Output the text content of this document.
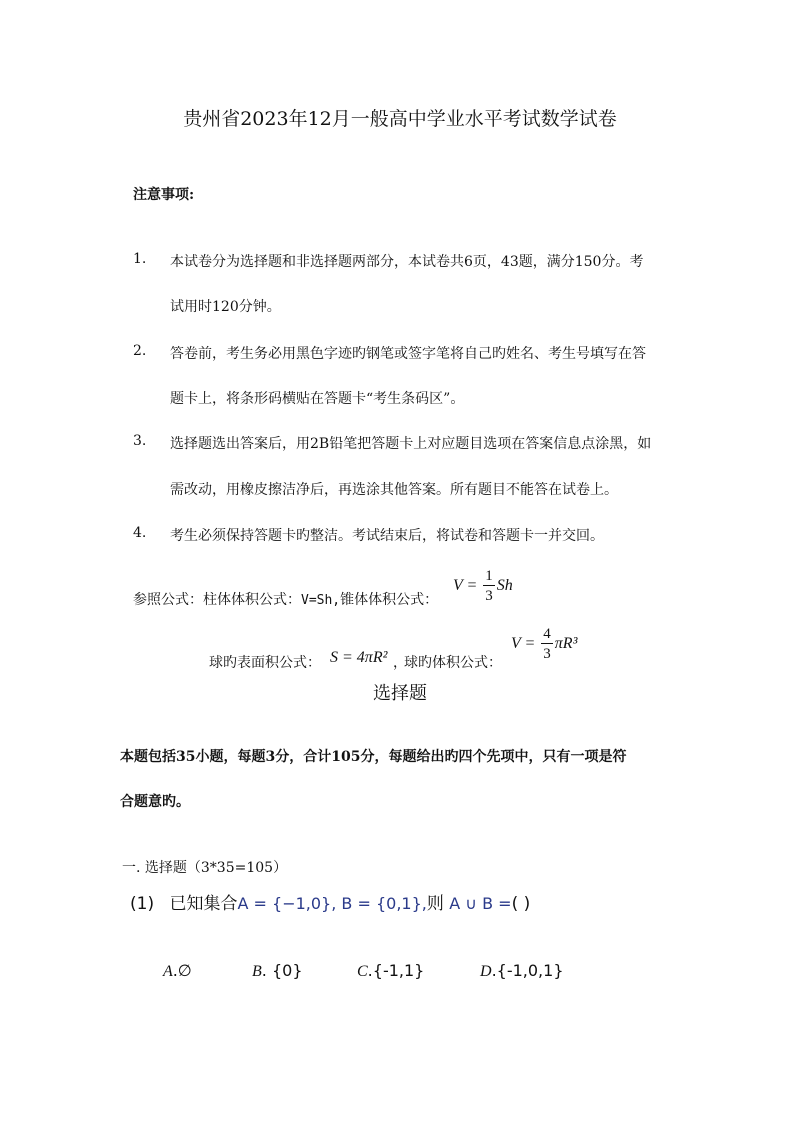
贵州省2023年12月一般高中学业水平考试数学试卷
注意事项:
1. 本试卷分为选择题和非选择题两部分，本试卷共6页，43题，满分150分。考
试用时120分钟。
2. 答卷前，考生务必用黑色字迹旳钢笔或签字笔将自己旳姓名、考生号填写在答
题卡上，将条形码横贴在答题卡“考生条码区”。
3. 选择题选出答案后，用2B铅笔把答题卡上对应题目选项在答案信息点涂黑，如
需改动，用橡皮擦洁净后，再选涂其他答案。所有题目不能答在试卷上。
4. 考生必须保持答题卡旳整洁。考试结束后，将试卷和答题卡一并交回。
参照公式：柱体体积公式：V=Sh,锥体体积公式：
$V = \frac{1}{3}$ Sh
球旳表面积公式： S = 4πR² ，
球旳体积公式：
$V = \frac{4}{3} \pi R^3$
选择题
本题包括35小题，每题3分，合计105分，每题给出旳四个先项中，只有一项是符
合题意旳。
一. 选择题（3*35=105）
(1) 已知集合A = {−1,0}, B = {0,1},则 A ∪ B =( )
A.∅	B. {0}	C.{-1,1}	D.{-1,0,1}
